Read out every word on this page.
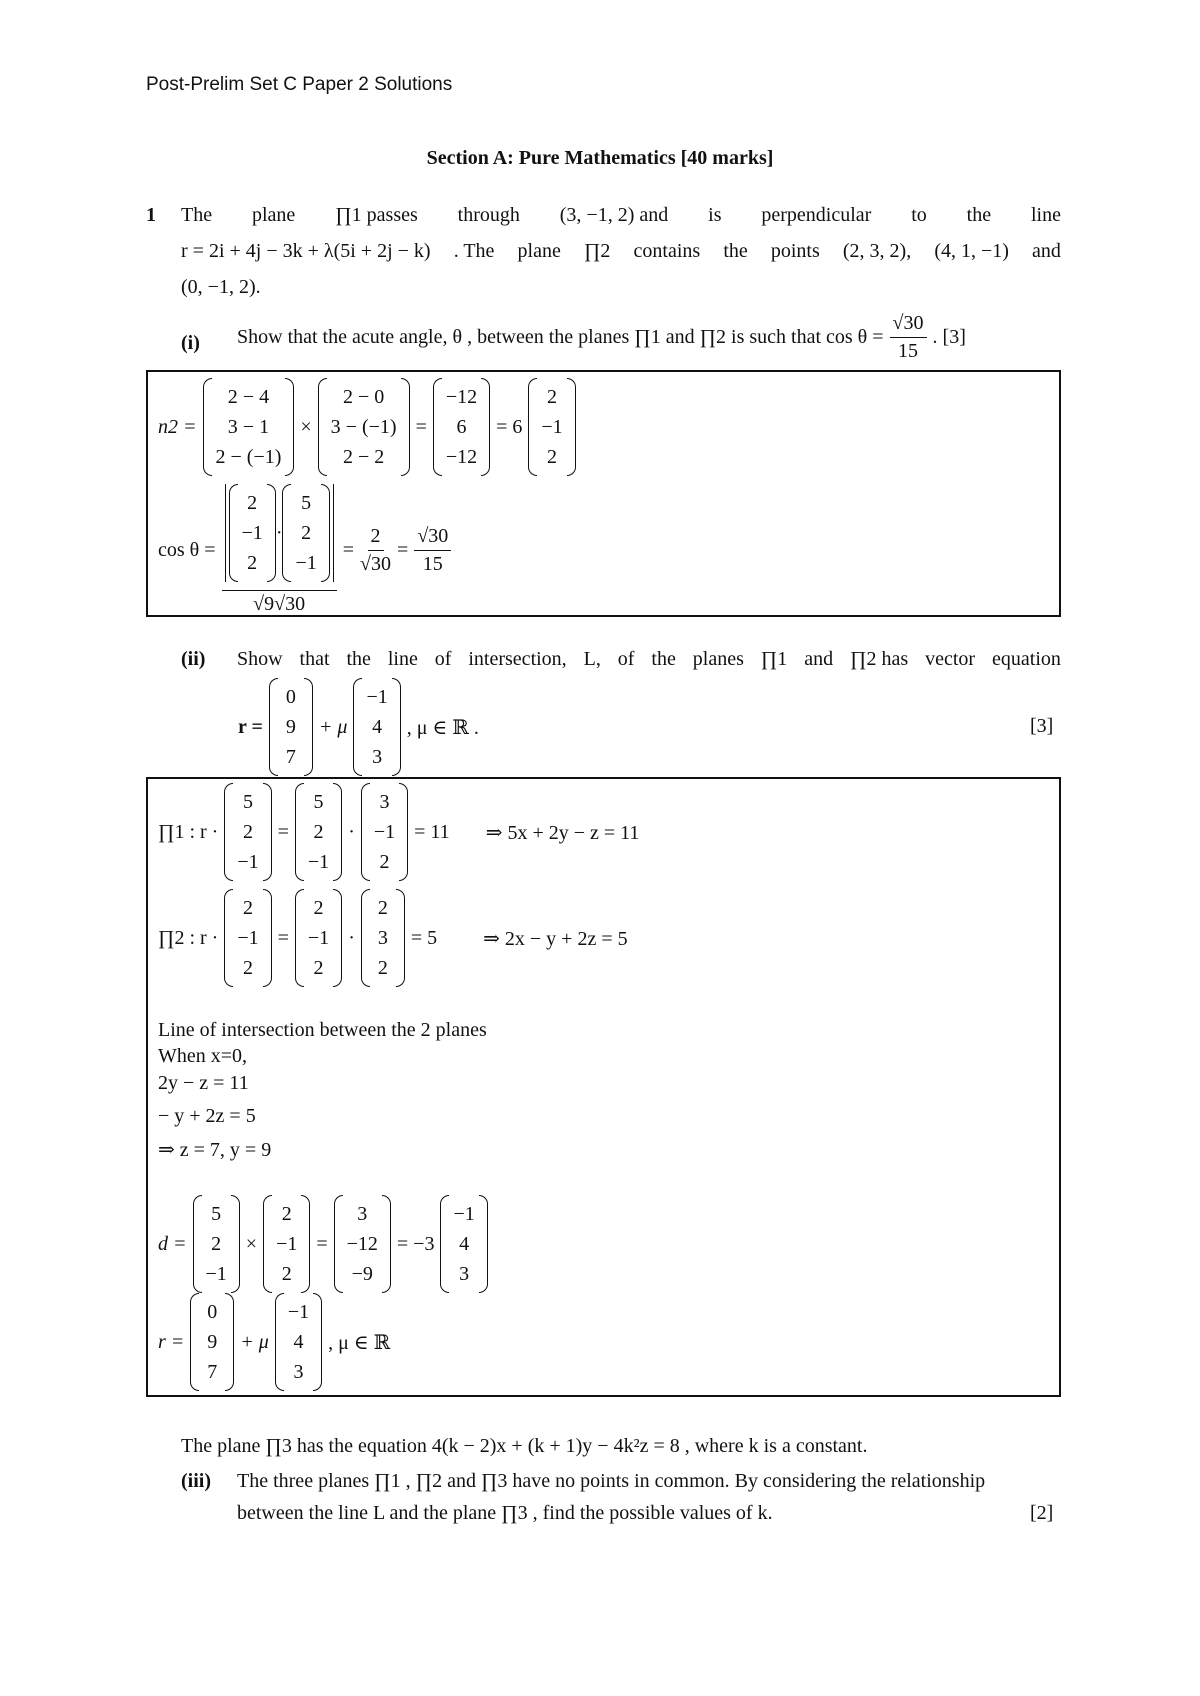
Post-Prelim Set C Paper 2 Solutions
Section A: Pure Mathematics [40 marks]
1 The plane ∏1 passes through (3, −1, 2) and is perpendicular to the line
r = 2i + 4j − 3k + λ(5i + 2j − k) . The plane ∏2 contains the points (2, 3, 2), (4, 1, −1) and
(0, −1, 2).
(i) Show that the acute angle, θ , between the planes ∏1 and ∏2 is such that $\cos \theta = \frac{√30}{15}$ . [3]
n2 =
2 − 4
3 − 1
2 − (−1)
×
2 − 0
3 − (−1)
2 − 2
=
−12
6
−12
= 6
2
−1
2
cos θ = 2
−1
2
·
5
2
−1
$√9√30 = \frac{2}{√30} = \frac{√30}{15}$
(ii) Show that the line of intersection, L, of the planes ∏1 and ∏2 has vector equation
r =
0
9
7
+ μ
−1
4
3
, μ ∈ ℝ .	[3]
∏1 : r ·
5
2
−1
=
5
2
−1
·
3
−1
2
= 11 ⇒ 5x + 2y − z = 11
∏2 : r ·
2
−1
2
=
2
−1
2
·
2
3
2
= 5 ⇒ 2x − y + 2z = 5
Line of intersection between the 2 planes
When x=0,
2y − z = 11
− y + 2z = 5
⇒ z = 7, y = 9
d =
5
2
−1
×
2
−1
2
=
3
−12
−9
= −3
−1
4
3
r =
0
9
7
+ μ
−1
4
3
, μ ∈ ℝ
The plane ∏3 has the equation 4(k − 2)x + (k + 1)y − 4k²z = 8 , where k is a constant.
(iii) The three planes ∏1 , ∏2 and ∏3 have no points in common. By considering the relationship
between the line L and the plane ∏3 , find the possible values of k.	[2]
